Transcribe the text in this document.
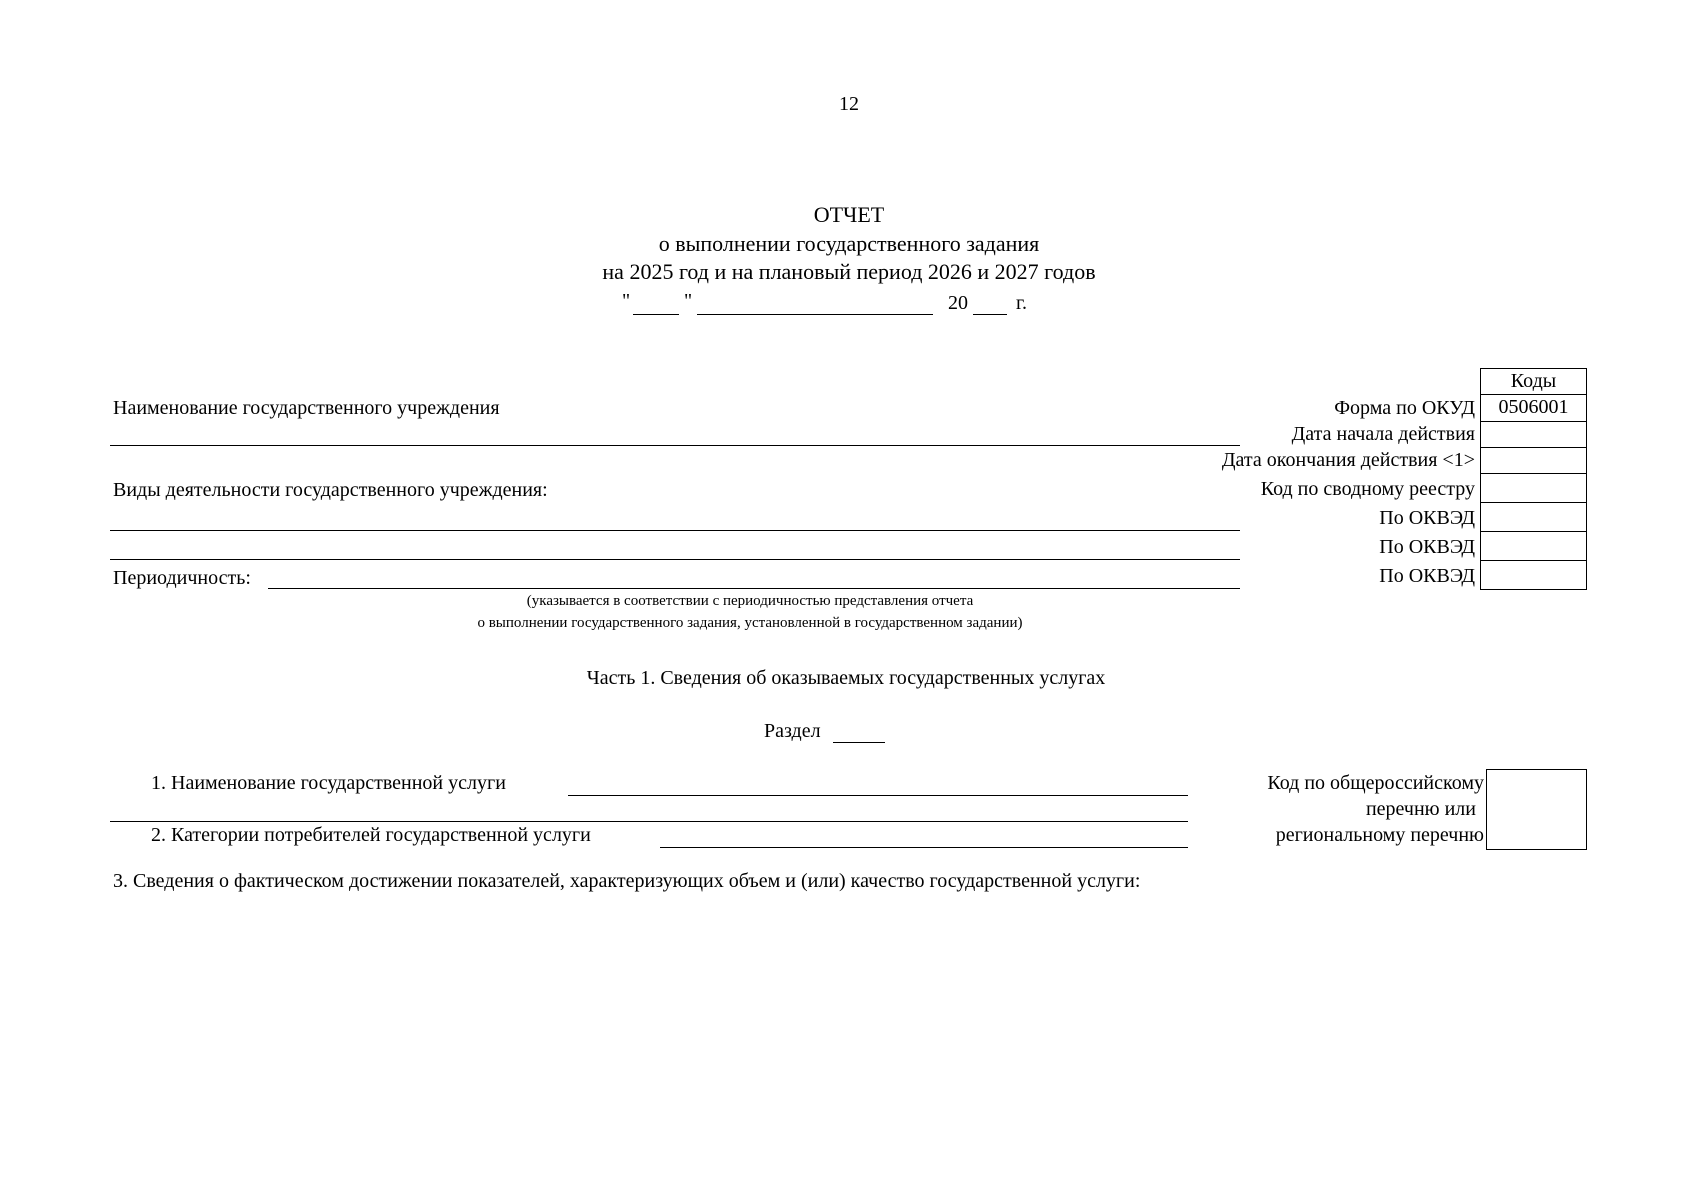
12
ОТЧЕТ
о выполнении государственного задания
на 2025 год и на плановый период 2026 и 2027 годов
"	"	20 г.
Коды
0506001
Форма по ОКУД
Дата начала действия
Дата окончания действия <1>
Код по сводному реестру
По ОКВЭД
По ОКВЭД
По ОКВЭД
Наименование государственного учреждения
Виды деятельности государственного учреждения:
Периодичность:
(указывается в соответствии с периодичностью представления отчета
о выполнении государственного задания, установленной в государственном задании)
Часть 1. Сведения об оказываемых государственных услугах
Раздел
1. Наименование государственной услуги
2. Категории потребителей государственной услуги
Код по общероссийскому
перечню или
региональному перечню
3. Сведения о фактическом достижении показателей, характеризующих объем и (или) качество государственной услуги:
